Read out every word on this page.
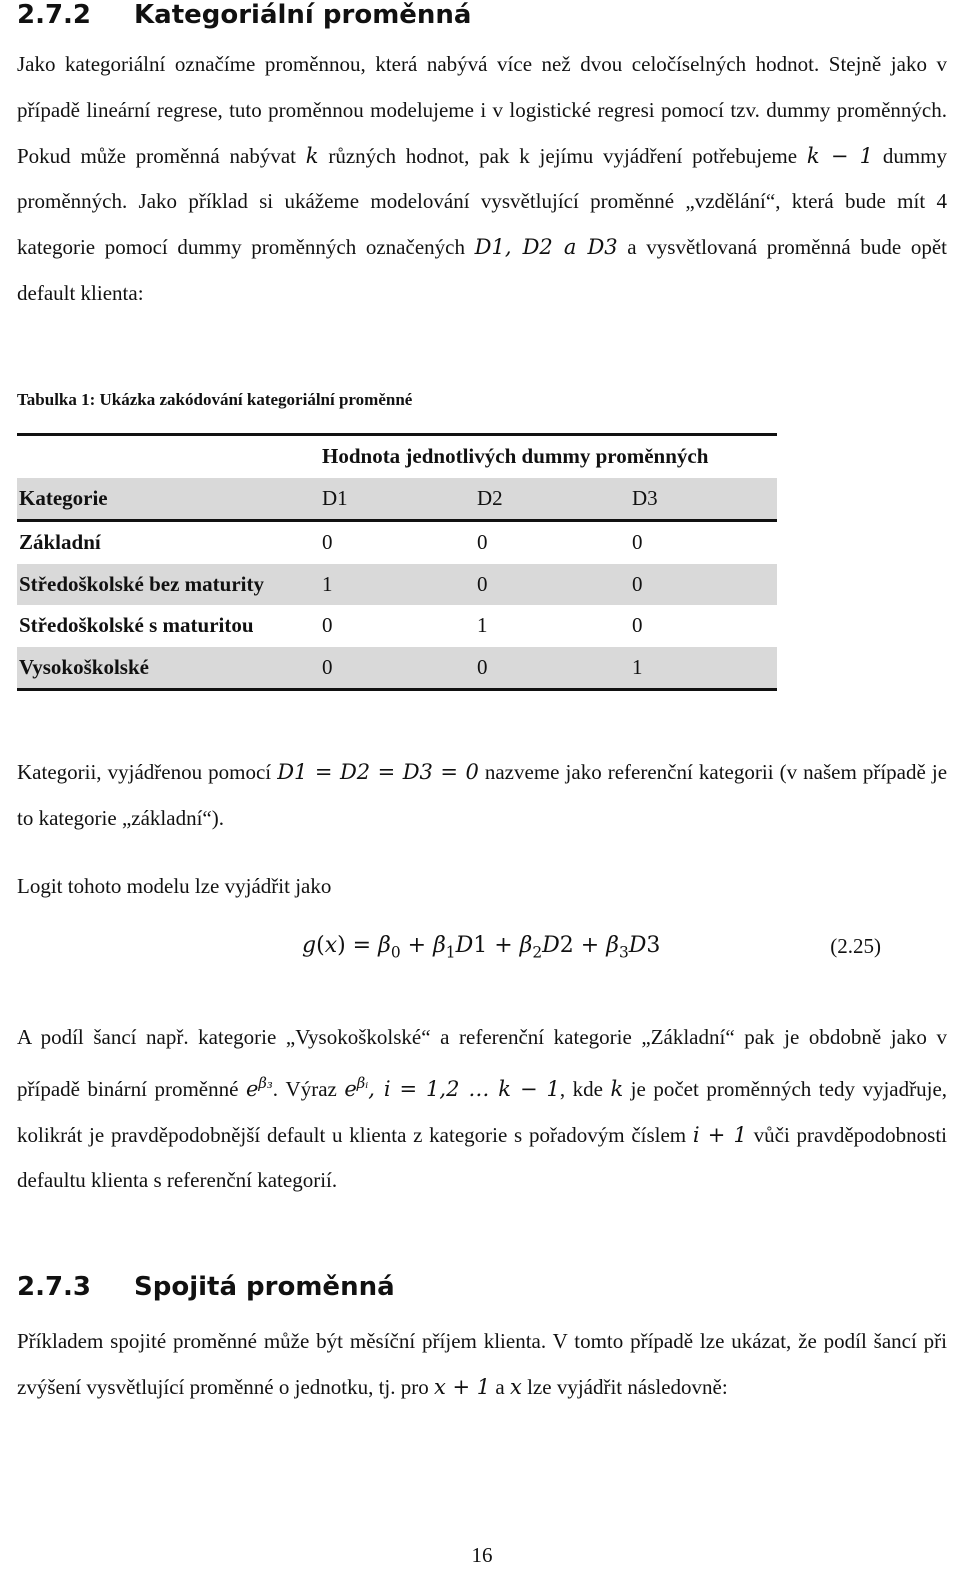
2.7.2 Kategoriální proměnná

Jako kategoriální označíme proměnnou, která nabývá více než dvou celočíselných hodnot. Stejně jako v případě lineární regrese, tuto proměnnou modelujeme i v logistické regresi pomocí tzv. dummy proměnných. Pokud může proměnná nabývat k různých hodnot, pak k jejímu vyjádření potřebujeme k − 1 dummy proměnných. Jako příklad si ukážeme modelování vysvětlující proměnné „vzdělání“, která bude mít 4 kategorie pomocí dummy proměnných označených D1, D2 a D3 a vysvětlovaná proměnná bude opět default klienta:

Tabulka 1: Ukázka zakódování kategoriální proměnné
	Hodnota jednotlivých dummy proměnných		
Kategorie	D1	D2	D3
Základní	0	0	0
Středoškolské bez maturity	1	0	0
Středoškolské s maturitou	0	1	0
Vysokoškolské	0	0	1

Kategorii, vyjádřenou pomocí D1 = D2 = D3 = 0 nazveme jako referenční kategorii (v našem případě je to kategorie „základní“).

Logit tohoto modelu lze vyjádřit jako

$g(x) = \beta_0 + \beta_1D1 + \beta_2D2 + \beta_3D3$	(2.25)

A podíl šancí např. kategorie „Vysokoškolské“ a referenční kategorie „Základní“ pak je obdobně jako v případě binární proměnné $e^{\beta_3}$. Výraz $e^{\beta ᵢ}$, i = 1,2 … k − 1, kde k je počet proměnných tedy vyjadřuje, kolikrát je pravděpodobnější default u klienta z kategorie s pořadovým číslem i + 1 vůči pravděpodobnosti defaultu klienta s referenční kategorií.

2.7.3 Spojitá proměnná

Příkladem spojité proměnné může být měsíční příjem klienta. V tomto případě lze ukázat, že podíl šancí při zvýšení vysvětlující proměnné o jednotku, tj. pro x + 1 a x lze vyjádřit následovně:

16
